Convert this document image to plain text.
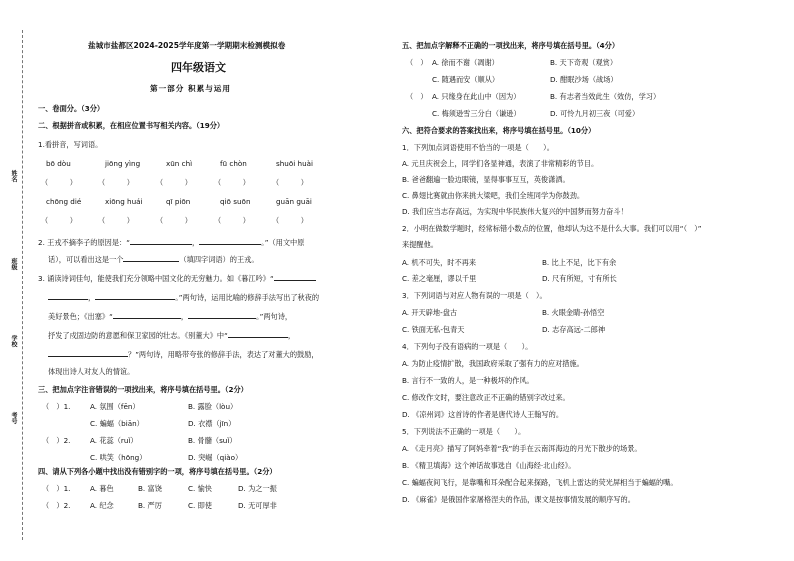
姓名
班级
学校
考号
盐城市盐都区2024-2025学年度第一学期期末检测模拟卷
四年级语文
第一部分 积累与运用
一、卷面分。（3分）
二、根据拼音或积累，在相应位置书写相关内容。（19分）
1.看拼音，写词语。
bō dòu	jiōng yìng	xūn chì	fū chòn	shuōi huài
（　　　）	（　　　）	（　　　）	（　　　）	（　　　）
chōng dié	xiōng huái	qī piōn	qiō suōn	guān guāi
（　　　）	（　　　）	（　　　）	（　　　）	（　　　）
2. 王戎不摘李子的原因是：“	，	。”（用文中原
话），可以看出这是一个	（填四字词语）的王戎。
3. 诵读诗词佳句，能使我们充分领略中国文化的无穷魅力。如《暮江吟》“
，	。”两句诗，运用比喻的修辞手法写出了秋夜的
美好景色；《出塞》“	，	。”两句诗，
抒发了戍固边防的意愿和保卫家园的壮志。《别董大》中“	，
？”两句诗，用略带夸张的修辞手法，表达了对董大的鼓励，
体现出诗人对友人的情谊。
三、把加点字注音错误的一项找出来，将序号填在括号里。（2分）
（　）1.	A. 氛围（fēn）	B. 露脸（lòu）
C. 蝙蝠（biān）	D. 衣襟（jīn）
（　）2.	A. 花蕊（ruǐ）	B. 骨髓（suǐ）
C. 哄笑（hōng）	D. 突崛（qiào）
四、请从下列各小题中找出没有错别字的一项，将序号填在括号里。（2分）
（　）1.	A. 暮色	B. 富饶	C. 愉快	D. 为之一振
（　）2.	A. 纪念	B. 严厉	C. 即使	D. 无可厚非
五、把加点字解释不正确的一项找出来，将序号填在括号里。（4分）
（　） A. 徐而不谢（凋谢）	B. 天下奇观（观赏）
C. 随遇而安（顺从）	D. 酣眠沙场（战场）
（　） A. 只缘身在此山中（因为）	B. 有志者当效此生（效仿，学习）
C. 梅须逊雪三分白（谦逊）	D. 可怜九月初三夜（可爱）
六、把符合要求的答案找出来，将序号填在括号里。（10分）
1．下列加点词语使用不恰当的一项是（　　）。
A. 元旦庆祝会上，同学们各显神通，表演了非常精彩的节目。
B. 爸爸翻遍一脸边眼镜，显得事事互互，英俊潇洒。
C. 鼻翅比赛就由你来挑大梁吧，我们全班同学为你鼓劲。
D. 我们应当志存高远，为实现中华民族伟大复兴的中国梦而努力奋斗！
2．小明在做数学题时，经常标错小数点的位置，他却认为这不是什么大事。我们可以用“（　）”
来提醒他。
A. 机不可失，时不再来	B. 比上不足，比下有余
C. 差之毫厘，谬以千里	D. 尺有所短，寸有所长
3．下列词语与对应人物有误的一项是（　）。
A. 开天辟地-盘古	B. 火眼金睛-孙悟空
C. 铁面无私-包青天	D. 志存高远-二郎神
4．下列句子没有语病的一项是（　　）。
A. 为防止疫情扩散，我国政府采取了强有力的应对措施。
B. 言行不一致的人，是一种极坏的作风。
C. 修改作文时，要注意改正不正确的错别字改过来。
D. 《凉州词》这首诗的作者是唐代诗人王翰写的。
5．下列说法不正确的一项是（　　）。
A. 《走月亮》描写了阿妈牵着“我”的手在云南洱海边的月光下散步的场景。
B. 《精卫填海》这个神话故事选自《山海经·北山经》。
C. 蝙蝠夜间飞行，是靠嘴和耳朵配合起来探路，飞机上雷达的荧光屏相当于蝙蝠的嘴。
D. 《麻雀》是俄国作家屠格涅夫的作品，课文是按事情发展的顺序写的。
